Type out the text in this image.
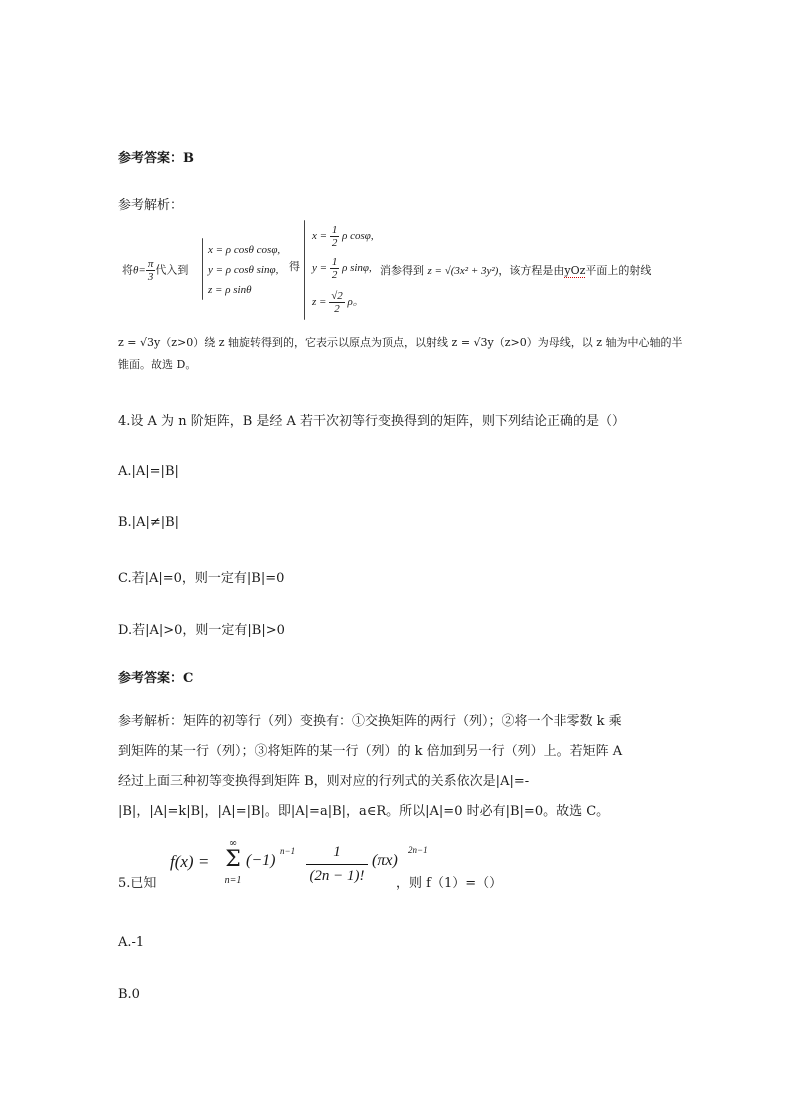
参考答案：B
参考解析：
将$\theta= \frac{\pi}{3}$ 代入到
x = ρ cosθ cosφ,
y = ρ cosθ sinφ,
z = ρ sinθ
得
$x = \frac{1}{2}$ ρ cosφ,
$y = \frac{1}{2}$ ρ sinφ,
$z = \frac{√2}{2}$ ρ。
消参得到 z = √(3x² + 3y²)，该方程是由yOz平面上的射线
z = √3y（z>0）绕 z 轴旋转得到的，它表示以原点为顶点，以射线 z = √3y（z>0）为母线，以 z 轴为中心轴的半
锥面。故选 D。
4.设 A 为 n 阶矩阵，B 是经 A 若干次初等行变换得到的矩阵，则下列结论正确的是（）
A.|A|=|B|
B.|A|≠|B|
C.若|A|=0，则一定有|B|=0
D.若|A|>0，则一定有|B|>0
参考答案：C
参考解析：矩阵的初等行（列）变换有：①交换矩阵的两行（列）；②将一个非零数 k 乘
到矩阵的某一行（列）；③将矩阵的某一行（列）的 k 倍加到另一行（列）上。若矩阵 A
经过上面三种初等变换得到矩阵 B，则对应的行列式的关系依次是|A|=-
|B|，|A|=k|B|，|A|=|B|。即|A|=a|B|，a∈R。所以|A|=0 时必有|B|=0。故选 C。
5.已知
f(x) =
∞
Σ
n=1
(−1)
n−1	1
(2n − 1)!
(πx)
2n−1
，则 f（1）=（）
A.-1
B.0
